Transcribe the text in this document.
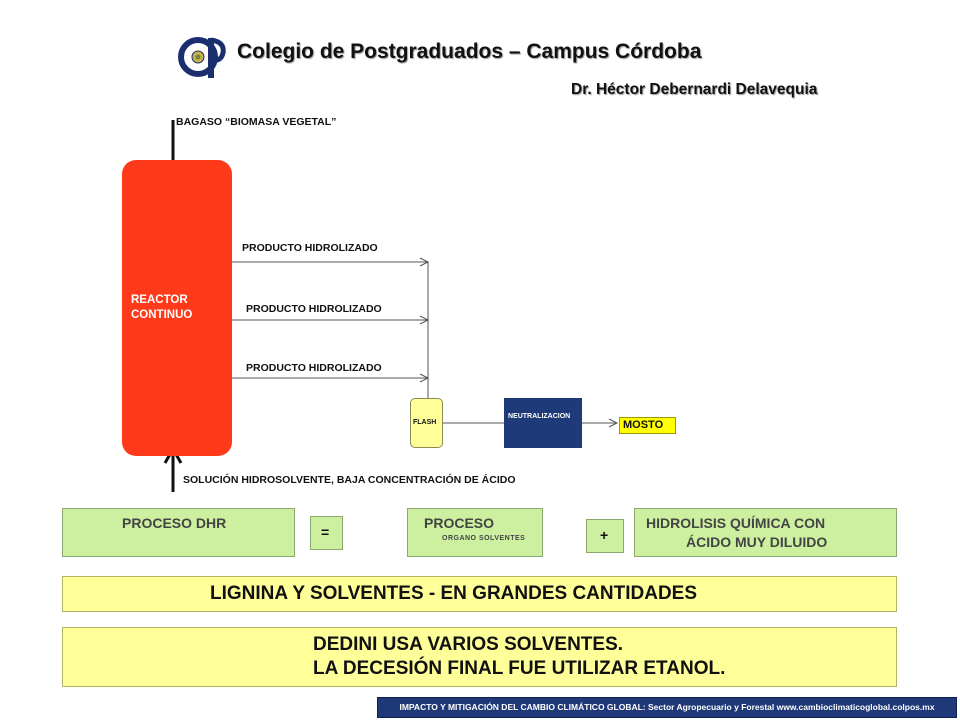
Colegio de Postgraduados – Campus Córdoba
Dr. Héctor Debernardi Delavequia
BAGASO “BIOMASA VEGETAL”
REACTOR
CONTINUO
PRODUCTO HIDROLIZADO
PRODUCTO HIDROLIZADO
PRODUCTO HIDROLIZADO
FLASH
NEUTRALIZACION
MOSTO
SOLUCIÓN HIDROSOLVENTE, BAJA CONCENTRACIÓN DE ÁCIDO
PROCESO DHR
=
PROCESO
ORGANO SOLVENTES	+
HIDROLISIS QUÍMICA CON
ÁCIDO MUY DILUIDO
LIGNINA Y SOLVENTES - EN GRANDES CANTIDADES
DEDINI USA VARIOS SOLVENTES.
LA DECESIÓN FINAL FUE UTILIZAR ETANOL.
IMPACTO Y MITIGACIÓN DEL CAMBIO CLIMÁTICO GLOBAL: Sector Agropecuario y Forestal www.cambioclimaticoglobal.colpos.mx
